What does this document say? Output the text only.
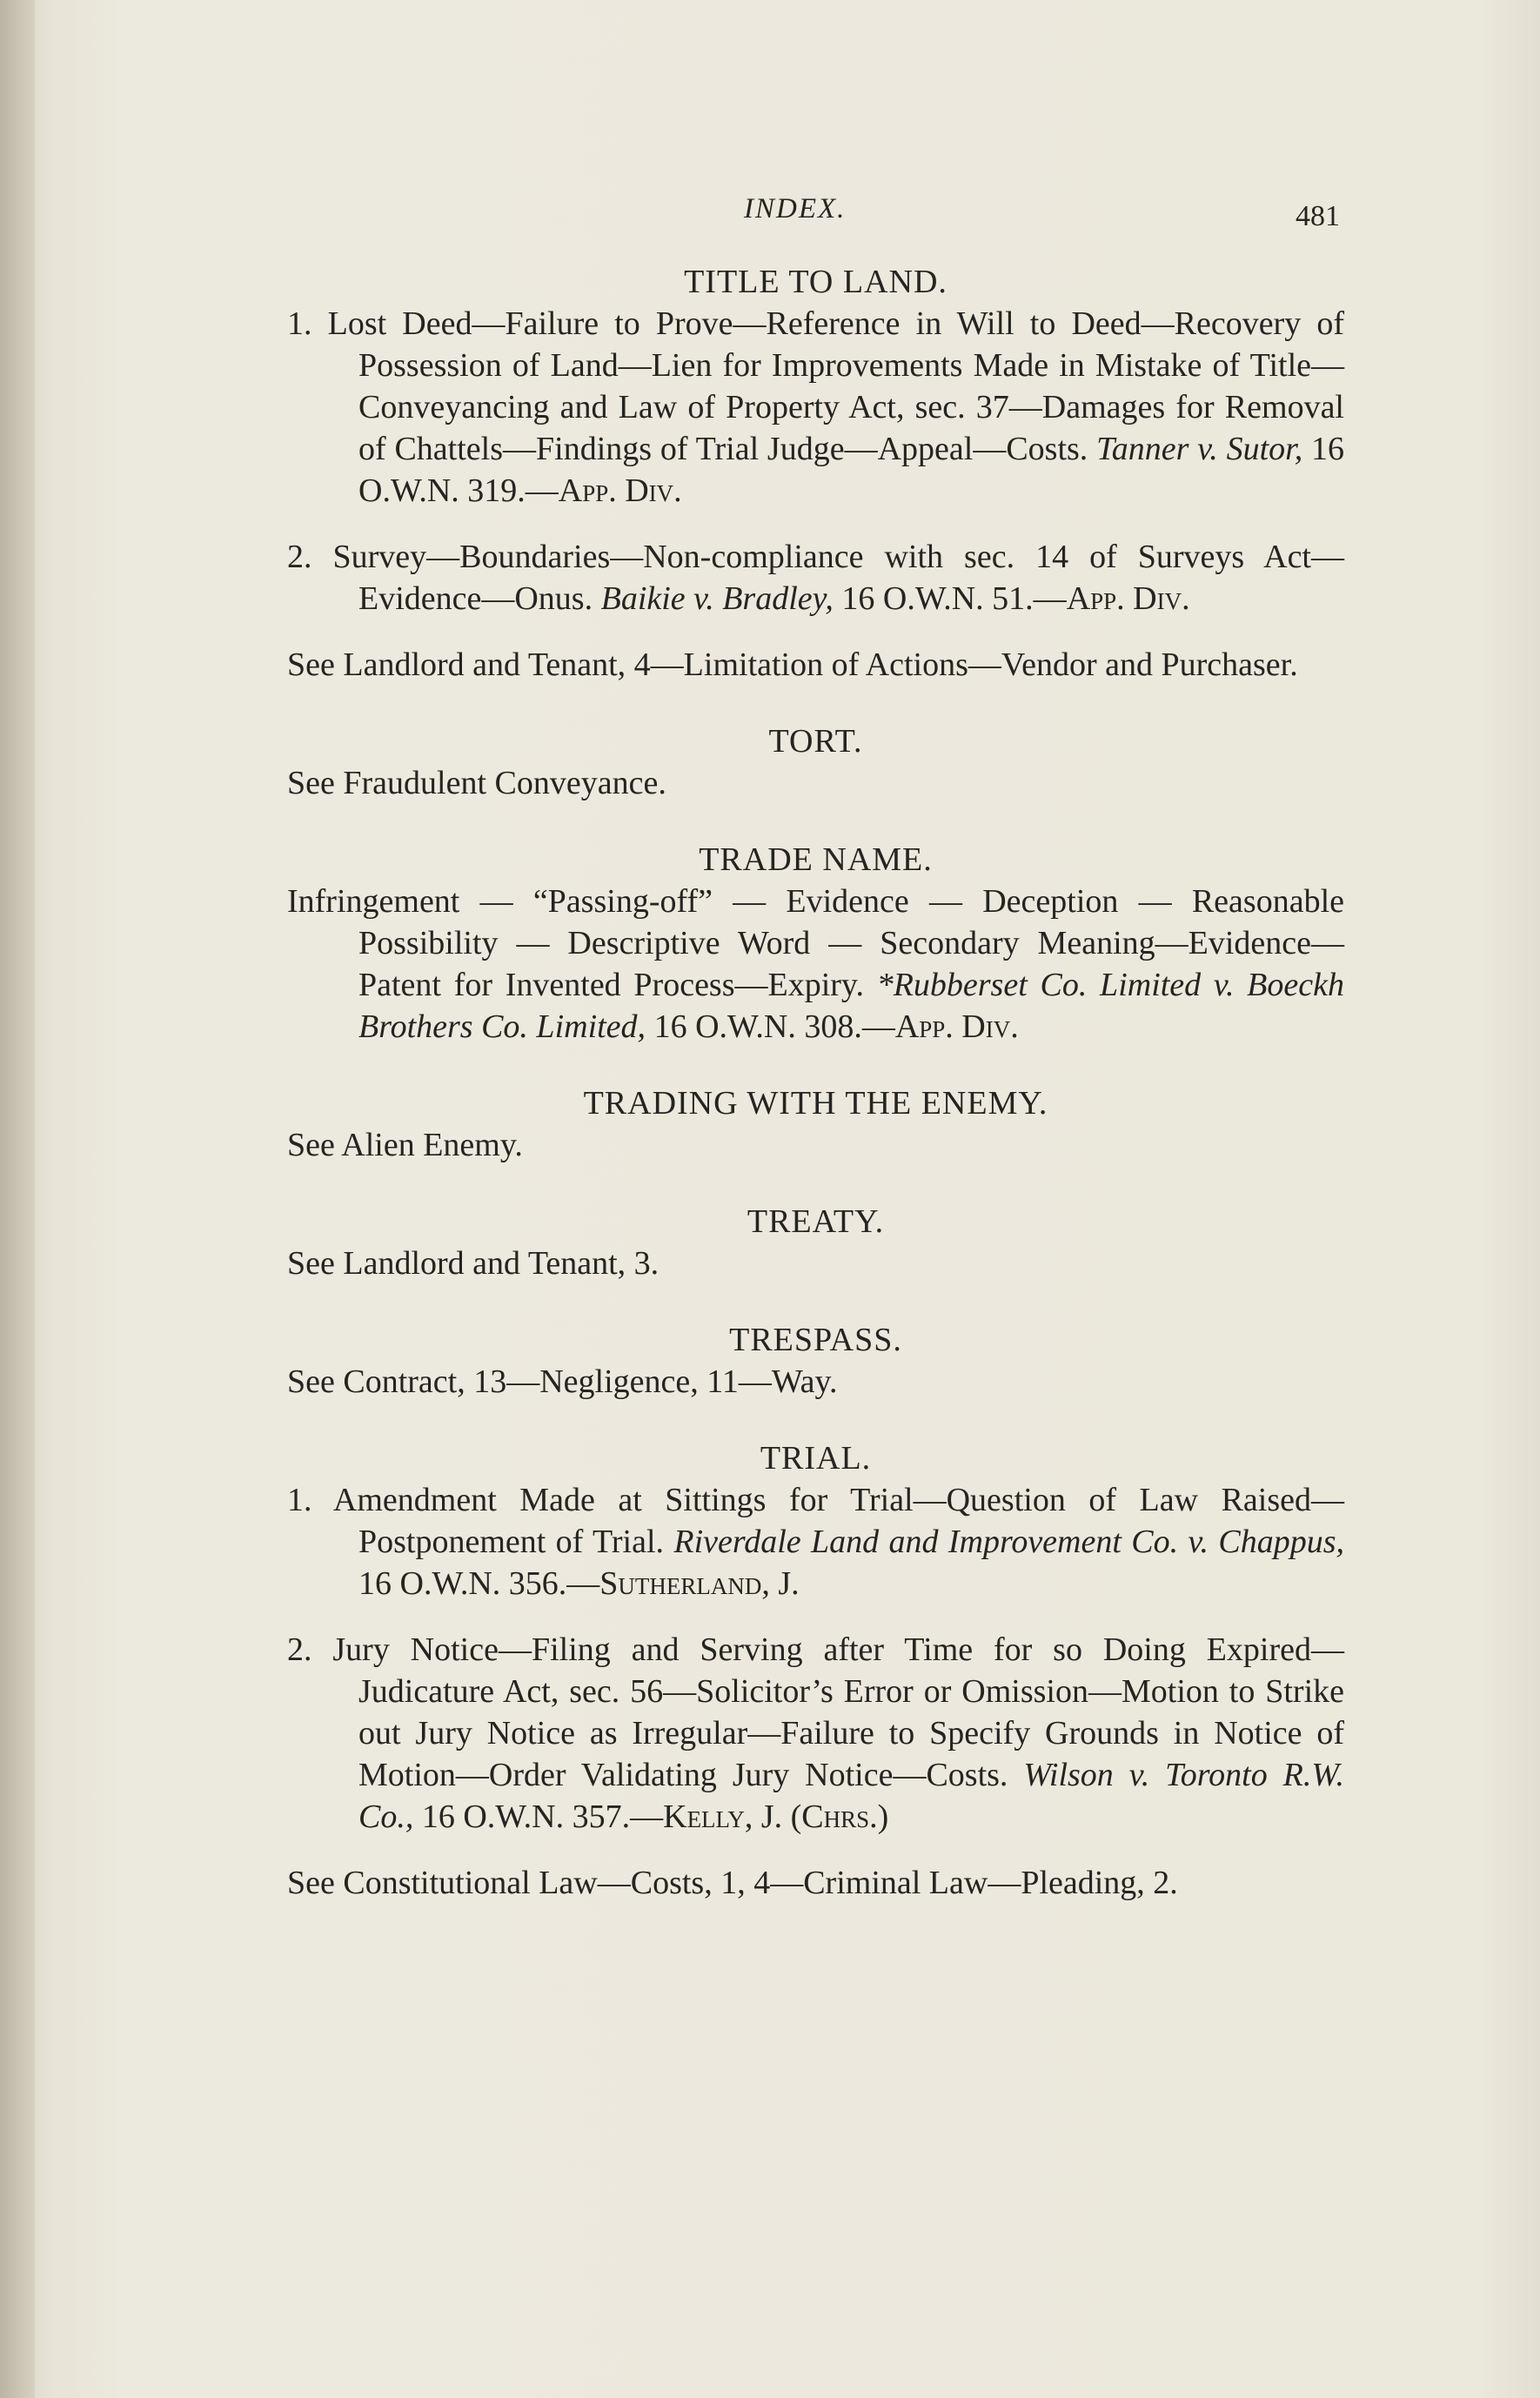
INDEX.	481

TITLE TO LAND.

1. Lost Deed—Failure to Prove—Reference in Will to Deed—Recovery of Possession of Land—Lien for Improvements Made in Mistake of Title—Conveyancing and Law of Property Act, sec. 37—Damages for Removal of Chattels—Findings of Trial Judge—Appeal—Costs. Tanner v. Sutor, 16 O.W.N. 319.—App. Div.

2. Survey—Boundaries—Non-compliance with sec. 14 of Surveys Act—Evidence—Onus. Baikie v. Bradley, 16 O.W.N. 51.—App. Div.

See Landlord and Tenant, 4—Limitation of Actions—Vendor and Purchaser.

TORT.

See Fraudulent Conveyance.

TRADE NAME.

Infringement — “Passing-off” — Evidence — Deception — Reasonable Possibility — Descriptive Word — Secondary Meaning—Evidence—Patent for Invented Process—Expiry. *Rubberset Co. Limited v. Boeckh Brothers Co. Limited, 16 O.W.N. 308.—App. Div.

TRADING WITH THE ENEMY.

See Alien Enemy.

TREATY.

See Landlord and Tenant, 3.

TRESPASS.

See Contract, 13—Negligence, 11—Way.

TRIAL.

1. Amendment Made at Sittings for Trial—Question of Law Raised—Postponement of Trial. Riverdale Land and Improvement Co. v. Chappus, 16 O.W.N. 356.—Sutherland, J.

2. Jury Notice—Filing and Serving after Time for so Doing Expired—Judicature Act, sec. 56—Solicitor’s Error or Omission—Motion to Strike out Jury Notice as Irregular—Failure to Specify Grounds in Notice of Motion—Order Validating Jury Notice—Costs. Wilson v. Toronto R.W. Co., 16 O.W.N. 357.—Kelly, J. (Chrs.)

See Constitutional Law—Costs, 1, 4—Criminal Law—Pleading, 2.
